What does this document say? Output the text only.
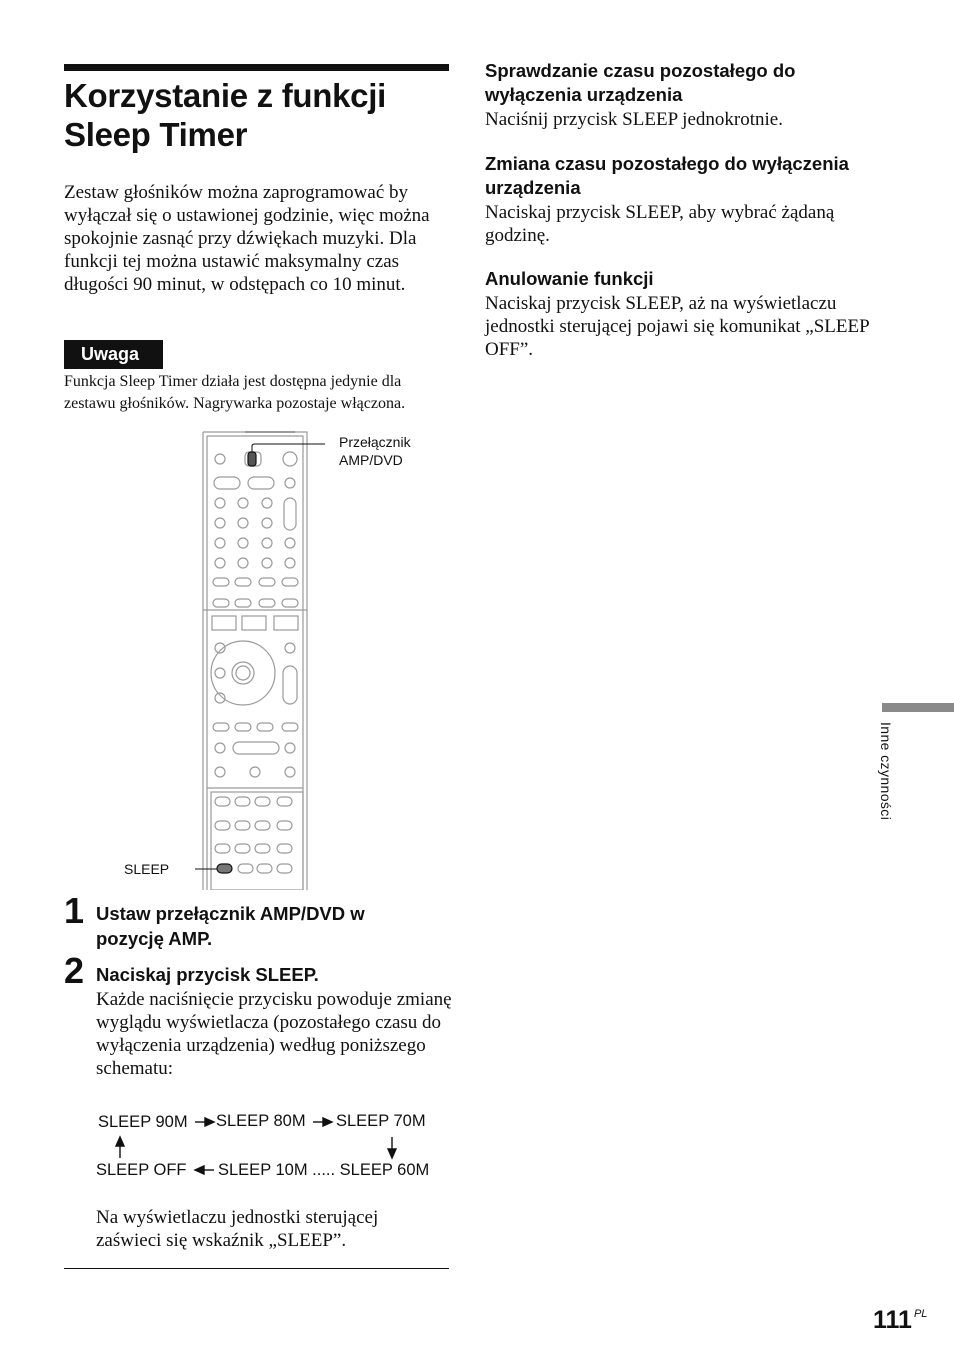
Korzystanie z funkcji Sleep Timer
Zestaw głośników można zaprogramować by wyłączał się o ustawionej godzinie, więc można spokojnie zasnąć przy dźwiękach muzyki. Dla funkcji tej można ustawić maksymalny czas długości 90 minut, w odstępach co 10 minut.
Uwaga
Funkcja Sleep Timer działa jest dostępna jedynie dla zestawu głośników. Nagrywarka pozostaje włączona.
Przełącznik
AMP/DVD
SLEEP
1 Ustaw przełącznik AMP/DVD w pozycję AMP.
2 Naciskaj przycisk SLEEP.
Każde naciśnięcie przycisku powoduje zmianę wyglądu wyświetlacza (pozostałego czasu do wyłączenia urządzenia) według poniższego schematu:
SLEEP 90M SLEEP 80M SLEEP 70M
SLEEP OFF SLEEP 10M ..... SLEEP 60M
Na wyświetlaczu jednostki sterującej zaświeci się wskaźnik „SLEEP”.
Sprawdzanie czasu pozostałego do wyłączenia urządzenia
Naciśnij przycisk SLEEP jednokrotnie.
Zmiana czasu pozostałego do wyłączenia urządzenia
Naciskaj przycisk SLEEP, aby wybrać żądaną godzinę.
Anulowanie funkcji
Naciskaj przycisk SLEEP, aż na wyświetlaczu jednostki sterującej pojawi się komunikat „SLEEP OFF”.
Inne czynności
111 $^{PL}$
